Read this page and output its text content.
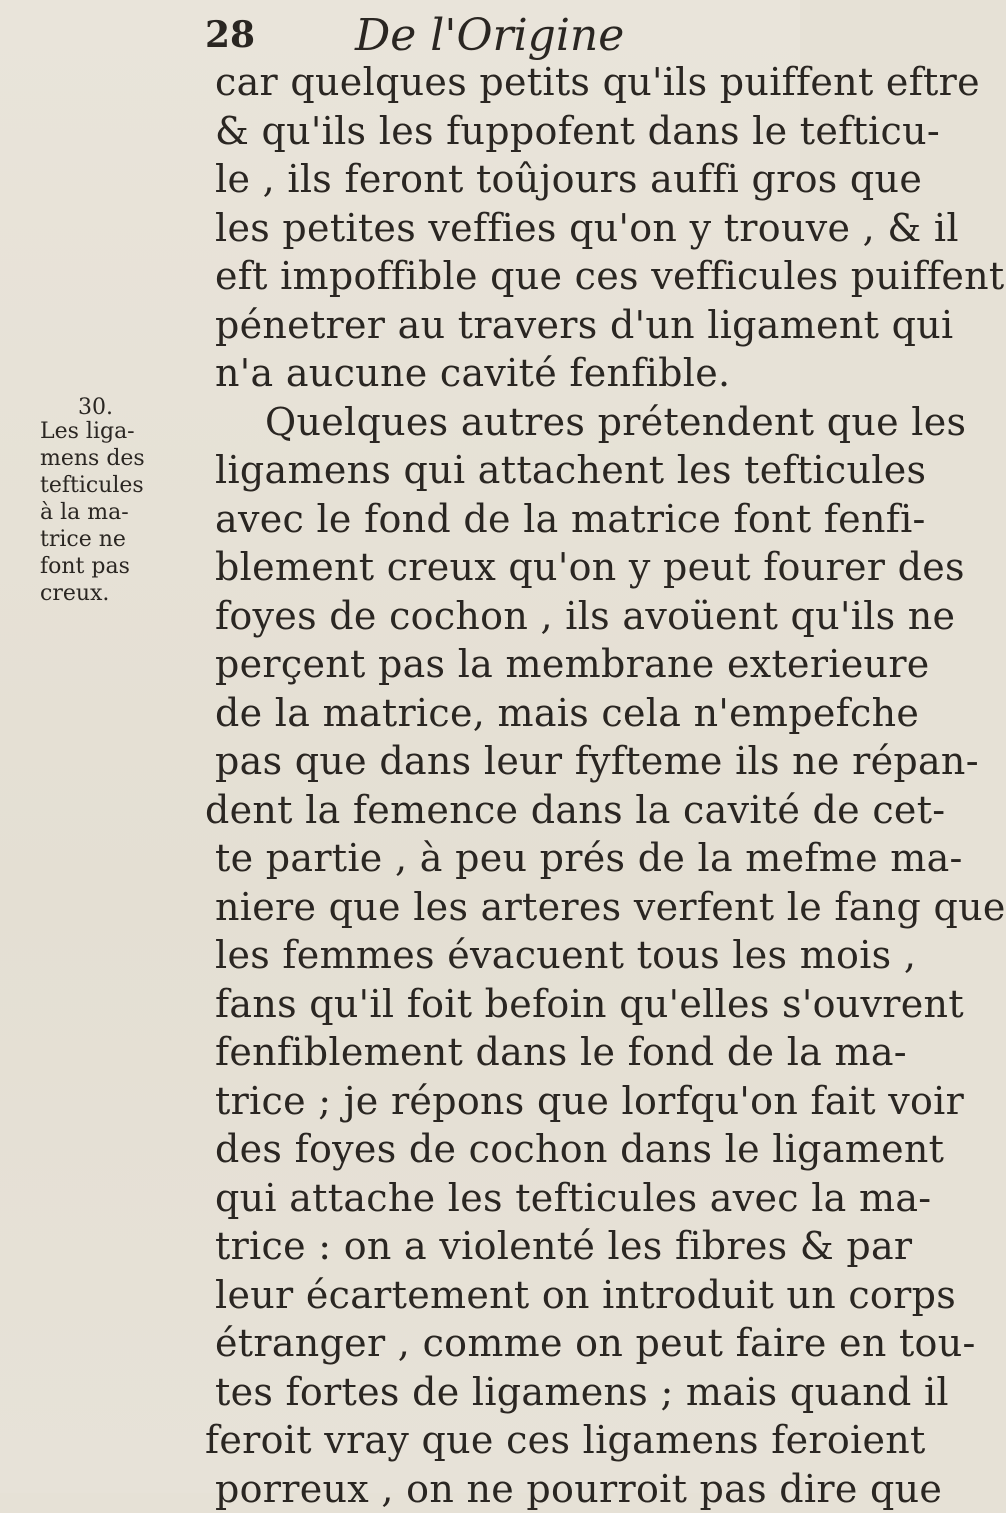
28 De l'Origine
30.
Les liga-
mens des
tefticules
à la ma-
trice ne
font pas
creux.
car quelques petits qu'ils puiffent eftre
& qu'ils les fuppofent dans le tefticu-
le , ils feront toûjours auffi gros que
les petites veffies qu'on y trouve , & il
eft impoffible que ces vefficules puiffent
pénetrer au travers d'un ligament qui
n'a aucune cavité fenfible.
Quelques autres prétendent que les
ligamens qui attachent les tefticules
avec le fond de la matrice font fenfi-
blement creux qu'on y peut fourer des
foyes de cochon , ils avoüent qu'ils ne
perçent pas la membrane exterieure
de la matrice, mais cela n'empefche
pas que dans leur fyfteme ils ne répan-
dent la femence dans la cavité de cet-
te partie , à peu prés de la mefme ma-
niere que les arteres verfent le fang que
les femmes évacuent tous les mois ,
fans qu'il foit befoin qu'elles s'ouvrent
fenfiblement dans le fond de la ma-
trice ; je répons que lorfqu'on fait voir
des foyes de cochon dans le ligament
qui attache les tefticules avec la ma-
trice : on a violenté les fibres & par
leur écartement on introduit un corps
étranger , comme on peut faire en tou-
tes fortes de ligamens ; mais quand il
feroit vray que ces ligamens feroient
porreux , on ne pourroit pas dire que
